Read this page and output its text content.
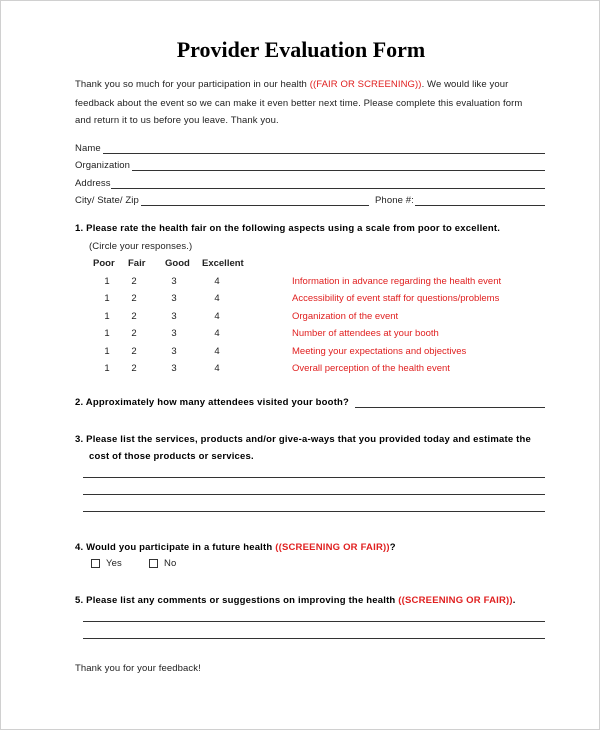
Provider Evaluation Form
Thank you so much for your participation in our health ((FAIR OR SCREENING)). We would like your
feedback about the event so we can make it even better next time. Please complete this evaluation form
and return it to us before you leave. Thank you.
Name
Organization
Address
City/ State/ Zip	Phone #:
1. Please rate the health fair on the following aspects using a scale from poor to excellent.
(Circle your responses.)
Poor Fair Good Excellent
2. Approximately how many attendees visited your booth?
3. Please list the services, products and/or give-a-ways that you provided today and estimate the
cost of those products or services.
4. Would you participate in a future health ((SCREENING OR FAIR))?
Yes	No
5. Please list any comments or suggestions on improving the health ((SCREENING OR FAIR)).
Thank you for your feedback!
1	2	3	4	Information in advance regarding the health event
1	2	3	4	Accessibility of event staff for questions/problems
1	2	3	4	Organization of the event
1	2	3	4	Number of attendees at your booth
1	2	3	4	Meeting your expectations and objectives
1	2	3	4	Overall perception of the health event
